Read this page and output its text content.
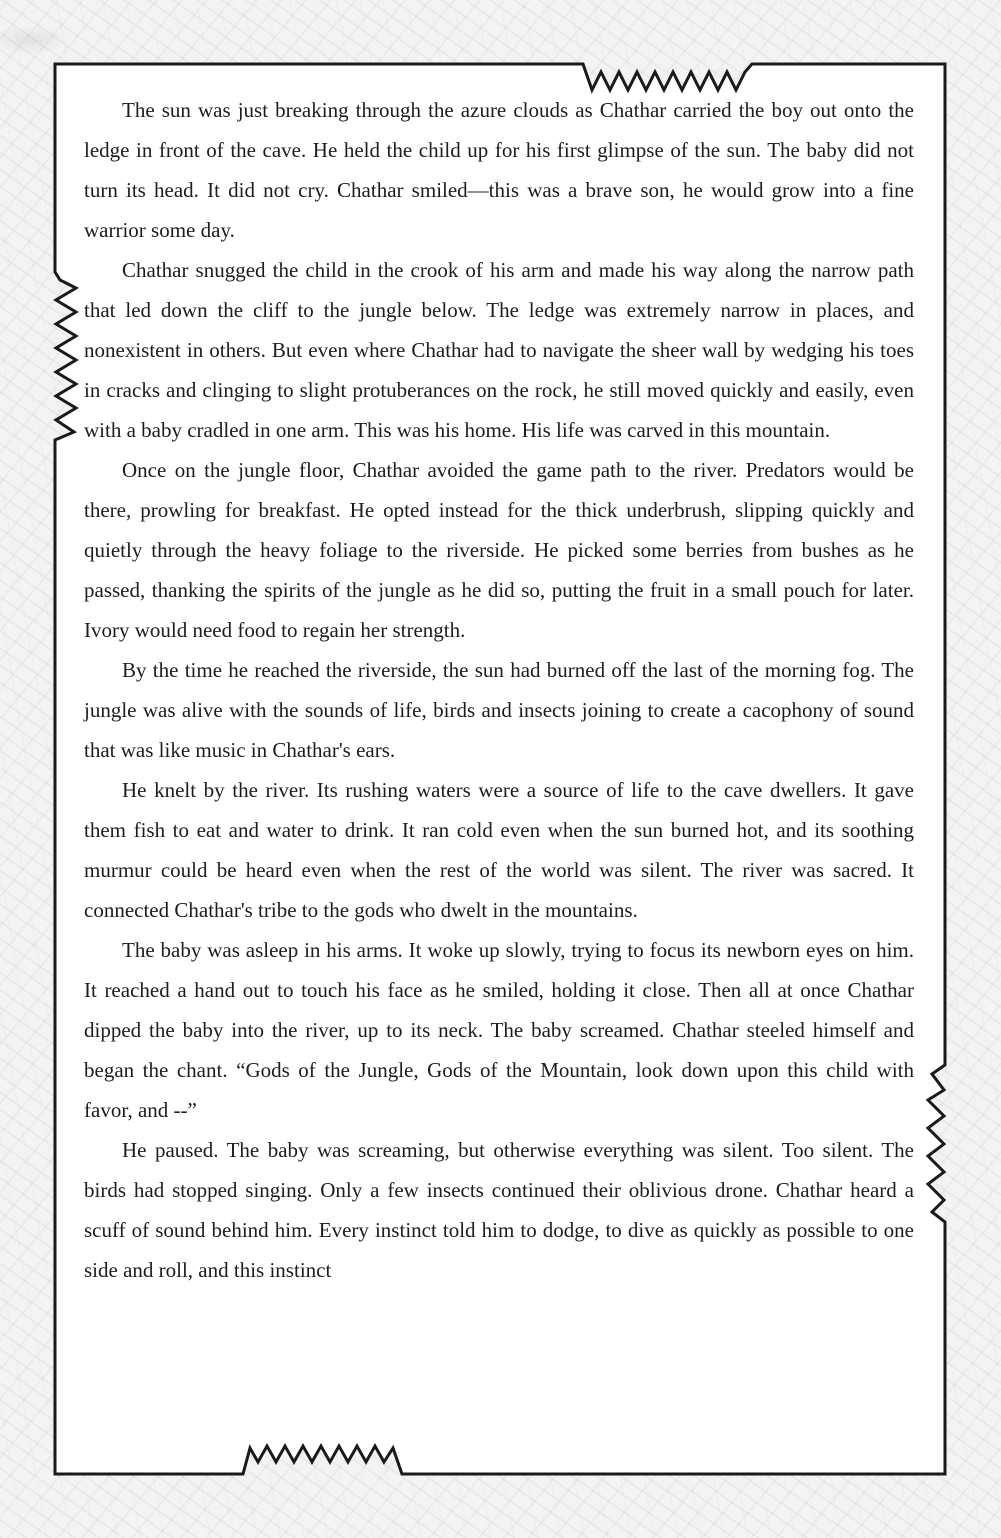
The sun was just breaking through the azure clouds as Chathar carried the boy out onto the ledge in front of the cave. He held the child up for his first glimpse of the sun. The baby did not turn its head. It did not cry. Chathar smiled—this was a brave son, he would grow into a fine warrior some day.

Chathar snugged the child in the crook of his arm and made his way along the narrow path that led down the cliff to the jungle below. The ledge was extremely narrow in places, and nonexistent in others. But even where Chathar had to navigate the sheer wall by wedging his toes in cracks and clinging to slight protuberances on the rock, he still moved quickly and easily, even with a baby cradled in one arm. This was his home. His life was carved in this mountain.

Once on the jungle floor, Chathar avoided the game path to the river. Predators would be there, prowling for breakfast. He opted instead for the thick underbrush, slipping quickly and quietly through the heavy foliage to the riverside. He picked some berries from bushes as he passed, thanking the spirits of the jungle as he did so, putting the fruit in a small pouch for later. Ivory would need food to regain her strength.

By the time he reached the riverside, the sun had burned off the last of the morning fog. The jungle was alive with the sounds of life, birds and insects joining to create a cacophony of sound that was like music in Chathar's ears.

He knelt by the river. Its rushing waters were a source of life to the cave dwellers. It gave them fish to eat and water to drink. It ran cold even when the sun burned hot, and its soothing murmur could be heard even when the rest of the world was silent. The river was sacred. It connected Chathar's tribe to the gods who dwelt in the mountains.

The baby was asleep in his arms. It woke up slowly, trying to focus its newborn eyes on him. It reached a hand out to touch his face as he smiled, holding it close. Then all at once Chathar dipped the baby into the river, up to its neck. The baby screamed. Chathar steeled himself and began the chant. “Gods of the Jungle, Gods of the Mountain, look down upon this child with favor, and --”

He paused. The baby was screaming, but otherwise everything was silent. Too silent. The birds had stopped singing. Only a few insects continued their oblivious drone. Chathar heard a scuff of sound behind him. Every instinct told him to dodge, to dive as quickly as possible to one side and roll, and this instinct
